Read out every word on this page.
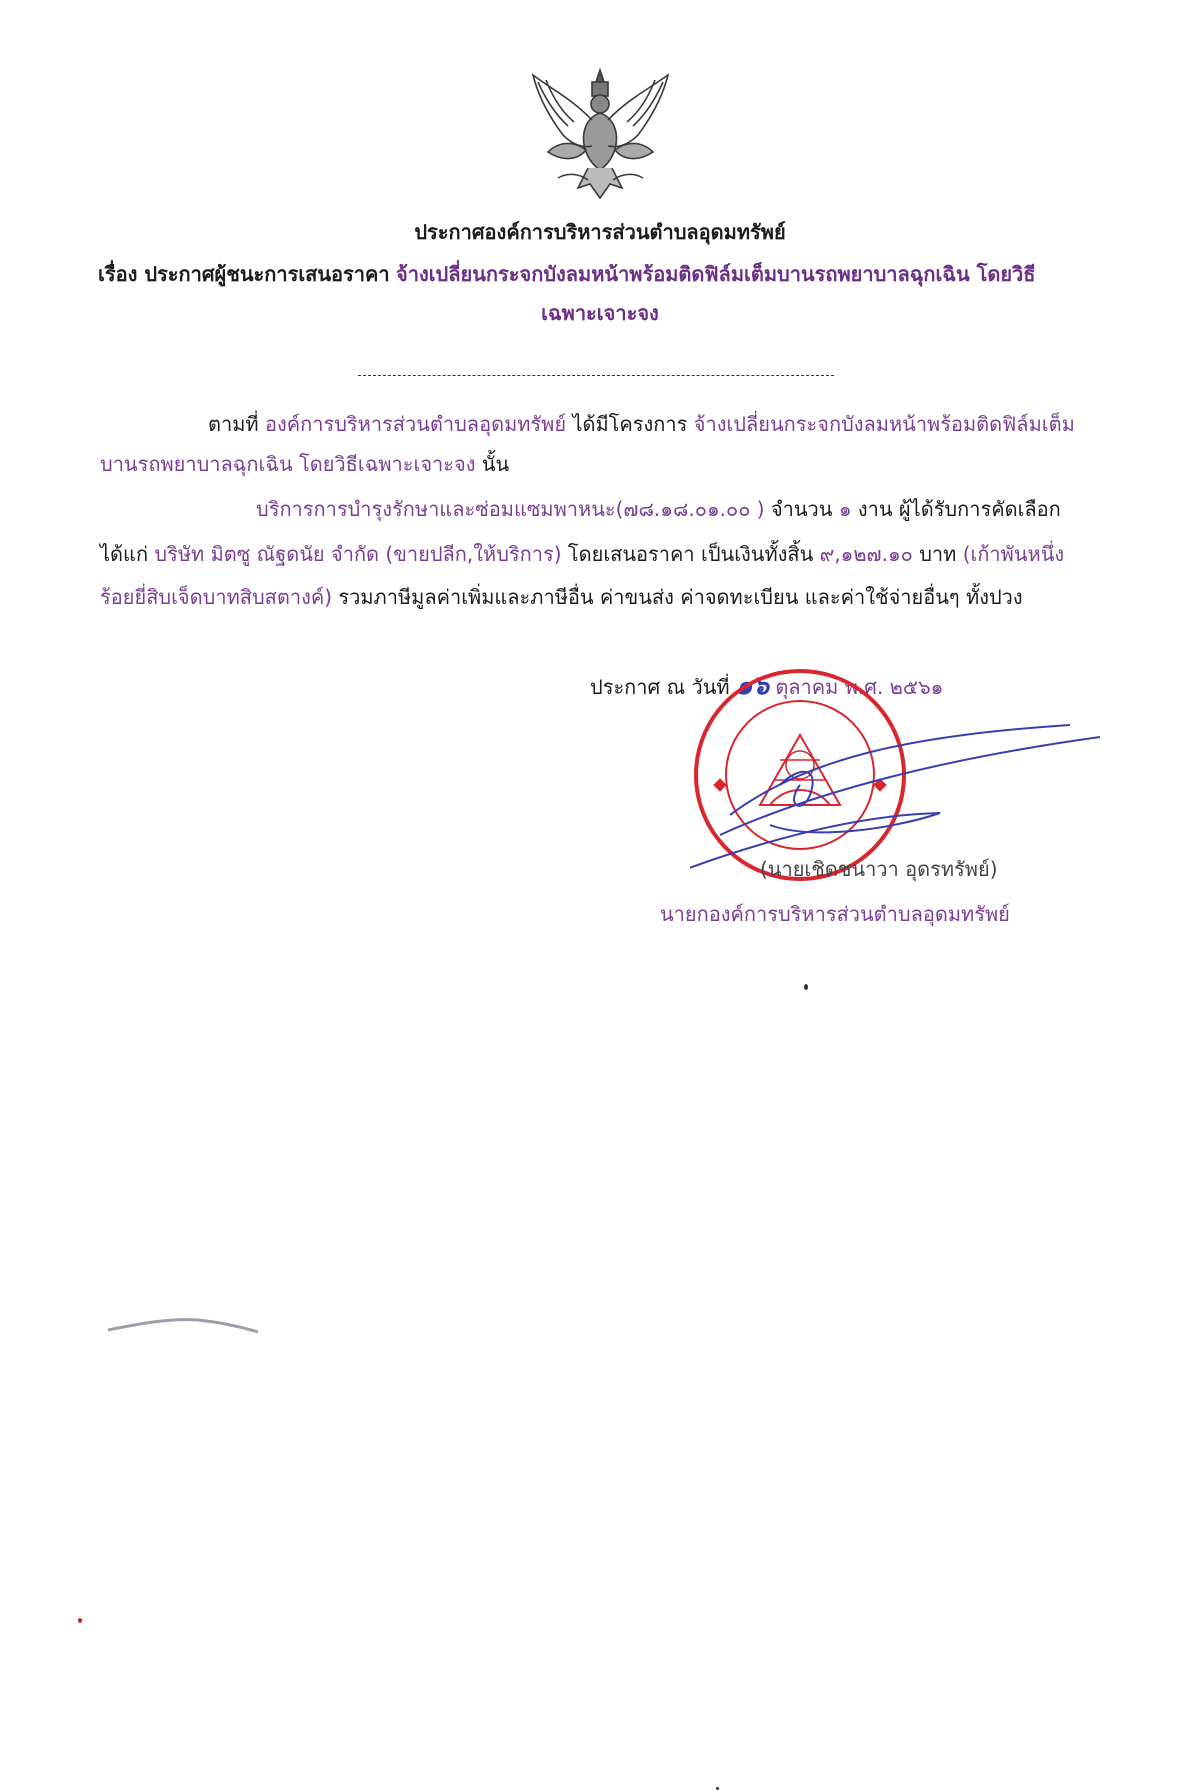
ประกาศองค์การบริหารส่วนตำบลอุดมทรัพย์
เรื่อง ประกาศผู้ชนะการเสนอราคา จ้างเปลี่ยนกระจกบังลมหน้าพร้อมติดฟิล์มเต็มบานรถพยาบาลฉุกเฉิน โดยวิธี
เฉพาะเจาะจง
ตามที่ องค์การบริหารส่วนตำบลอุดมทรัพย์ ได้มีโครงการ จ้างเปลี่ยนกระจกบังลมหน้าพร้อมติดฟิล์มเต็ม
บานรถพยาบาลฉุกเฉิน โดยวิธีเฉพาะเจาะจง นั้น
บริการการบำรุงรักษาและซ่อมแซมพาหนะ(๗๘.๑๘.๐๑.๐๐ ) จำนวน ๑ งาน ผู้ได้รับการคัดเลือก
ได้แก่ บริษัท มิตซู ณัฐดนัย จำกัด (ขายปลีก,ให้บริการ) โดยเสนอราคา เป็นเงินทั้งสิ้น ๙,๑๒๗.๑๐ บาท (เก้าพันหนึ่ง
ร้อยยี่สิบเจ็ดบาทสิบสตางค์) รวมภาษีมูลค่าเพิ่มและภาษีอื่น ค่าขนส่ง ค่าจดทะเบียน และค่าใช้จ่ายอื่นๆ ทั้งปวง
ประกาศ ณ วันที่ ๑๖ ตุลาคม พ.ศ. ๒๕๖๑
(นายเชิดชนาวา อุดรทรัพย์)
นายกองค์การบริหารส่วนตำบลอุดมทรัพย์
